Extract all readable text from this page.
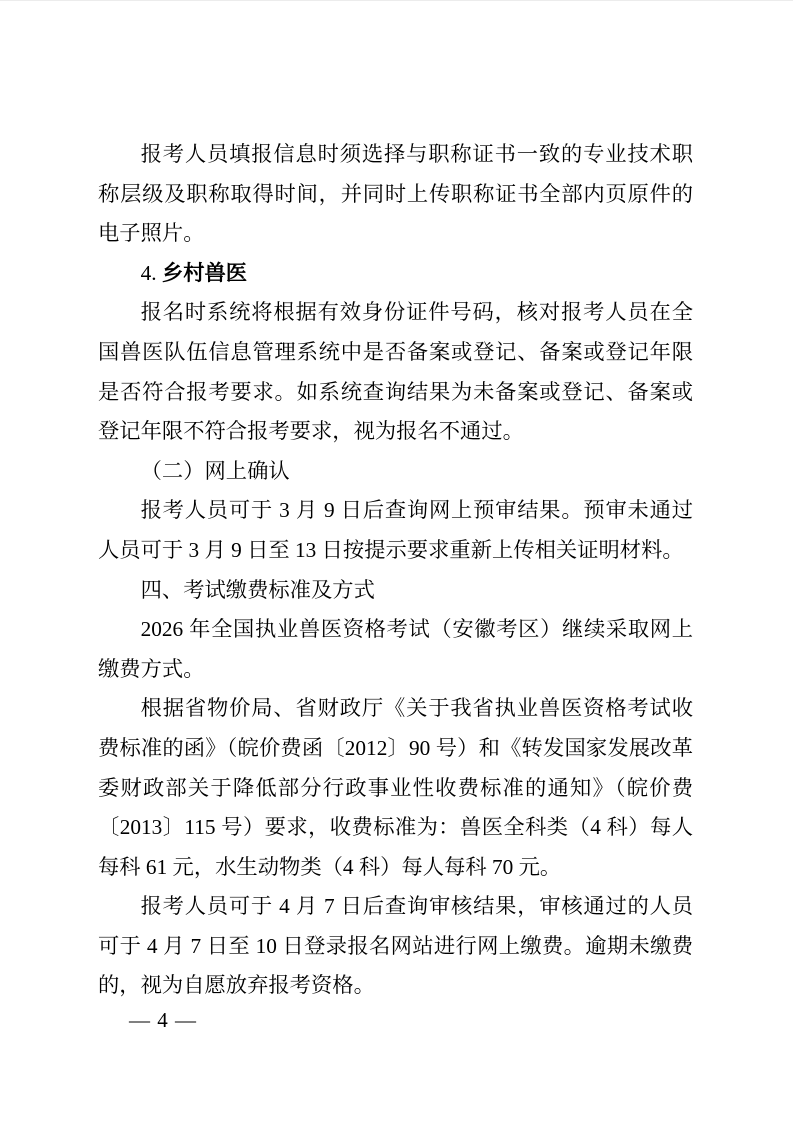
报考人员填报信息时须选择与职称证书一致的专业技术职称层级及职称取得时间，并同时上传职称证书全部内页原件的电子照片。

4. 乡村兽医

报名时系统将根据有效身份证件号码，核对报考人员在全国兽医队伍信息管理系统中是否备案或登记、备案或登记年限是否符合报考要求。如系统查询结果为未备案或登记、备案或登记年限不符合报考要求，视为报名不通过。

（二）网上确认

报考人员可于 3 月 9 日后查询网上预审结果。预审未通过人员可于 3 月 9 日至 13 日按提示要求重新上传相关证明材料。

四、考试缴费标准及方式

2026 年全国执业兽医资格考试（安徽考区）继续采取网上缴费方式。

根据省物价局、省财政厅《关于我省执业兽医资格考试收费标准的函》（皖价费函〔2012〕90 号）和《转发国家发展改革委财政部关于降低部分行政事业性收费标准的通知》（皖价费〔2013〕115 号）要求，收费标准为：兽医全科类（4 科）每人每科 61 元，水生动物类（4 科）每人每科 70 元。

报考人员可于 4 月 7 日后查询审核结果，审核通过的人员可于 4 月 7 日至 10 日登录报名网站进行网上缴费。逾期未缴费的，视为自愿放弃报考资格。

— 4 —
